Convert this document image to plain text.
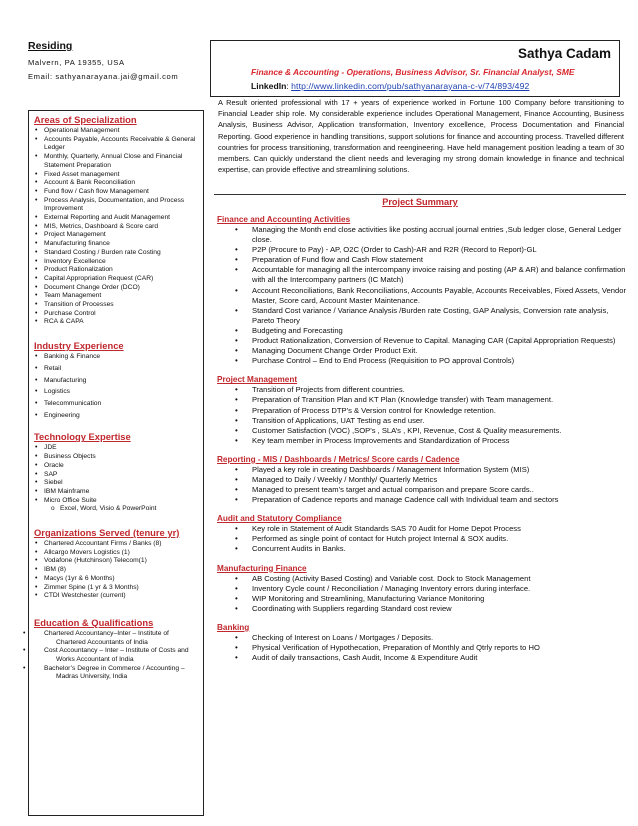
Residing
Malvern, PA 19355, USA
Email: sathyanarayana.jai@gmail.com
Sathya Cadam
Finance & Accounting - Operations, Business Advisor, Sr. Financial Analyst, SME
LinkedIn: http://www.linkedin.com/pub/sathyanarayana-c-v/74/893/492
Areas of Specialization
• Operational Management
• Accounts Payable, Accounts Receivable & General Ledger
• Monthly, Quarterly, Annual Close and Financial Statement Preparation
• Fixed Asset management
• Account & Bank Reconciliation
• Fund flow / Cash flow Management
• Process Analysis, Documentation, and Process Improvement
• External Reporting and Audit Management
• MIS, Metrics, Dashboard & Score card
• Project Management
• Manufacturing finance
• Standard Costing / Burden rate Costing
• Inventory Excellence
• Product Rationalization
• Capital Appropriation Request (CAR)
• Document Change Order (DCO)
• Team Management
• Transition of Processes
• Purchase Control
• RCA & CAPA
Industry Experience
• Banking & Finance
• Retail
• Manufacturing
• Logistics
• Telecommunication
• Engineering
Technology Expertise
• JDE
• Business Objects
• Oracle
• SAP
• Siebel
• IBM Mainframe
• Micro Office Suite
o Excel, Word, Visio & PowerPoint
Organizations Served (tenure yr)
• Chartered Accountant Firms / Banks (8)
• Allcargo Movers Logistics (1)
• Vodafone (Hutchinson) Telecom(1)
• IBM (8)
• Macys (1yr & 6 Months)
• Zimmer Spine (1 yr & 3 Months)
• CTDI Westchester (current)
Education & Qualifications
• Chartered Accountancy–Inter – Institute of Chartered Accountants of India
• Cost Accountancy – Inter – Institute of Costs and Works Accountant of India
• Bachelor’s Degree in Commerce / Accounting –Madras University, India

A Result oriented professional with 17 + years of experience worked in Fortune 100 Company before transitioning to Financial Leader ship role. My considerable experience includes Operational Management, Finance Accounting, Business Analysis, Business Advisor, Application transformation, Inventory excellence, Process Documentation and Financial Reporting. Good experience in handling transitions, support solutions for finance and accounting process. Travelled different countries for process transitioning, transformation and reengineering. Have held management position leading a team of 30 members. Can quickly understand the client needs and leveraging my strong domain knowledge in finance and technical expertise, can provide effective and streamlining solutions.

Project Summary
Finance and Accounting Activities
• Managing the Month end close activities like posting accrual journal entries ,Sub ledger close, General Ledger close.
• P2P (Procure to Pay) - AP, O2C (Order to Cash)-AR and R2R (Record to Report)-GL
• Preparation of Fund flow and Cash Flow statement
• Accountable for managing all the intercompany invoice raising and posting (AP & AR) and balance confirmation with all the Intercompany partners (IC Match)
• Account Reconciliations, Bank Reconciliations, Accounts Payable, Accounts Receivables, Fixed Assets, Vendor Master, Score card, Account Master Maintenance.
• Standard Cost variance / Variance Analysis /Burden rate Costing, GAP Analysis, Conversion rate analysis, Pareto Theory
• Budgeting and Forecasting
• Product Rationalization, Conversion of Revenue to Capital. Managing CAR (Capital Appropriation Requests)
• Managing Document Change Order Product Exit.
• Purchase Control – End to End Process (Requisition to PO approval Controls)
Project Management
• Transition of Projects from different countries.
• Preparation of Transition Plan and KT Plan (Knowledge transfer) with Team management.
• Preparation of Process DTP’s & Version control for Knowledge retention.
• Transition of Applications, UAT Testing as end user.
• Customer Satisfaction (VOC) ,SOP’s , SLA’s , KPI, Revenue, Cost & Quality measurements.
• Key team member in Process Improvements and Standardization of Process
Reporting - MIS / Dashboards / Metrics/ Score cards / Cadence
• Played a key role in creating Dashboards / Management Information System (MIS)
• Managed to Daily / Weekly / Monthly/ Quarterly Metrics
• Managed to present team’s target and actual comparison and prepare Score cards..
• Preparation of Cadence reports and manage Cadence call with Individual team and sectors
Audit and Statutory Compliance
• Key role in Statement of Audit Standards SAS 70 Audit for Home Depot Process
• Performed as single point of contact for Hutch project Internal & SOX audits.
• Concurrent Audits in Banks.
Manufacturing Finance
• AB Costing (Activity Based Costing) and Variable cost. Dock to Stock Management
• Inventory Cycle count / Reconciliation / Managing Inventory errors during interface.
• WIP Monitoring and Streamlining, Manufacturing Variance Monitoring
• Coordinating with Suppliers regarding Standard cost review
Banking
• Checking of Interest on Loans / Mortgages / Deposits.
• Physical Verification of Hypothecation, Preparation of Monthly and Qtrly reports to HO
• Audit of daily transactions, Cash Audit, Income & Expenditure Audit
